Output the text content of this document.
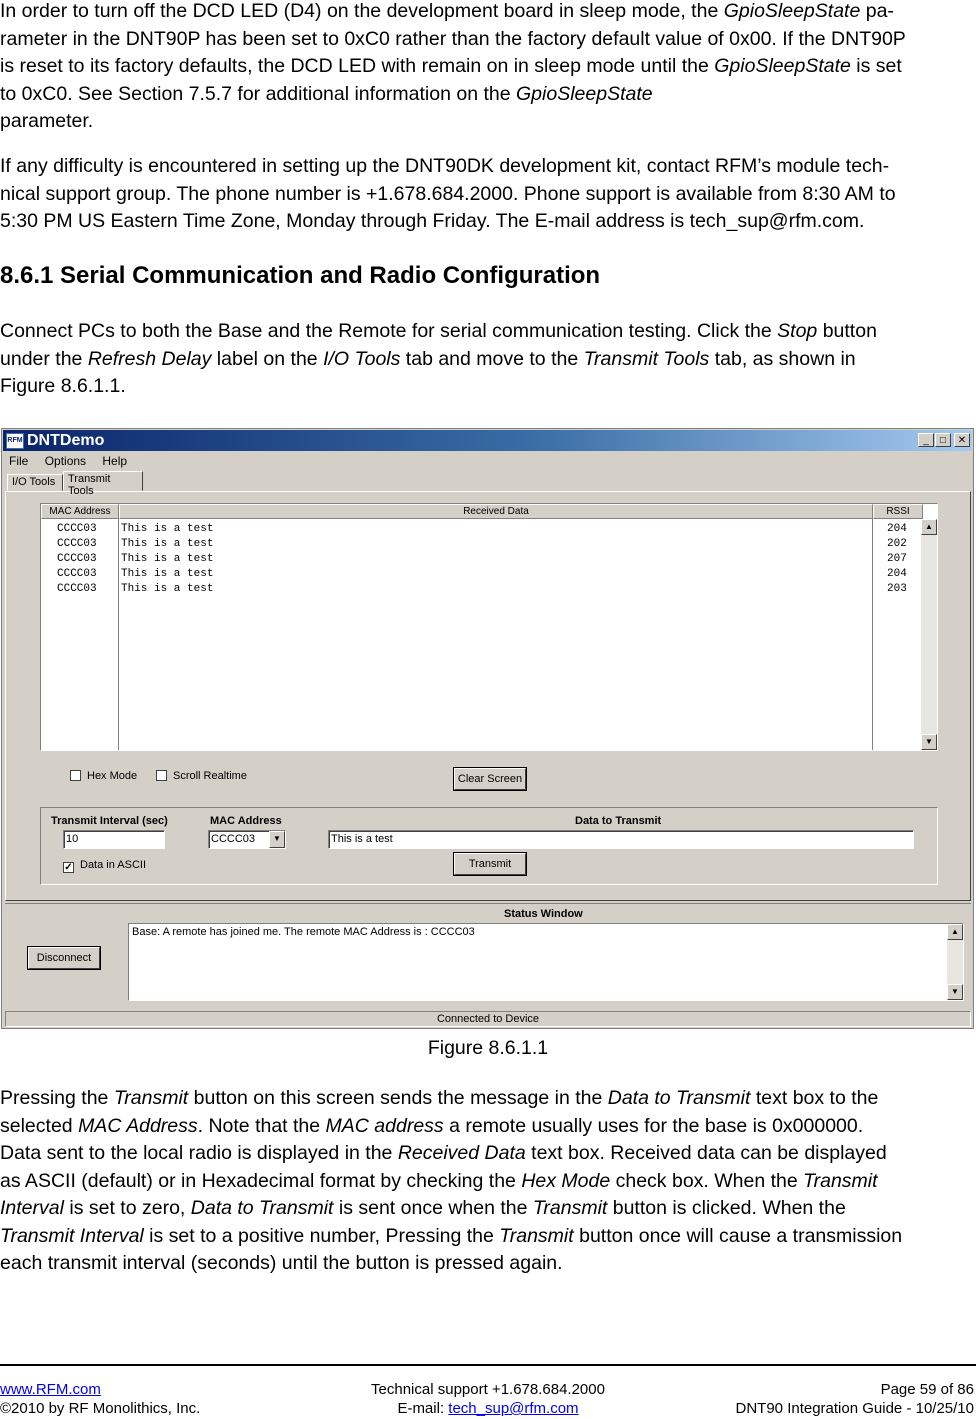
In order to turn off the DCD LED (D4) on the development board in sleep mode, the GpioSleepState pa-
rameter in the DNT90P has been set to 0xC0 rather than the factory default value of 0x00. If the DNT90P
is reset to its factory defaults, the DCD LED with remain on in sleep mode until the GpioSleepState is set
to 0xC0. See Section 7.5.7 for additional information on the GpioSleepState
parameter.

If any difficulty is encountered in setting up the DNT90DK development kit, contact RFM’s module tech-
nical support group. The phone number is +1.678.684.2000. Phone support is available from 8:30 AM to
5:30 PM US Eastern Time Zone, Monday through Friday. The E-mail address is tech_sup@rfm.com.

8.6.1 Serial Communication and Radio Configuration

Connect PCs to both the Base and the Remote for serial communication testing. Click the Stop button
under the Refresh Delay label on the I/O Tools tab and move to the Transmit Tools tab, as shown in
Figure 8.6.1.1.

RFM DNTDemo	_	□	✕
File Options Help
I/O Tools	Transmit Tools
MAC Address	Received Data	RSSI
CCCC03 This is a test	204
CCCC03 This is a test	202
CCCC03 This is a test	207
CCCC03 This is a test	204
CCCC03 This is a test	203
▲
▼
Hex Mode	Scroll Realtime	Clear Screen
Transmit Interval (sec)	MAC Address	Data to Transmit
10	CCCC03	▼	This is a test
✓ Data in ASCII	Transmit
Status Window
Disconnect
Base: A remote has joined me. The remote MAC Address is : CCCC03	▲
▼
Connected to Device
Figure 8.6.1.1

Pressing the Transmit button on this screen sends the message in the Data to Transmit text box to the
selected MAC Address. Note that the MAC address a remote usually uses for the base is 0x000000.
Data sent to the local radio is displayed in the Received Data text box. Received data can be displayed
as ASCII (default) or in Hexadecimal format by checking the Hex Mode check box. When the Transmit
Interval is set to zero, Data to Transmit is sent once when the Transmit button is clicked. When the
Transmit Interval is set to a positive number, Pressing the Transmit button once will cause a transmission
each transmit interval (seconds) until the button is pressed again.

www.RFM.com
©2010 by RF Monolithics, Inc.
Technical support +1.678.684.2000
E-mail: tech_sup@rfm.com
Page 59 of 86
DNT90 Integration Guide - 10/25/10
